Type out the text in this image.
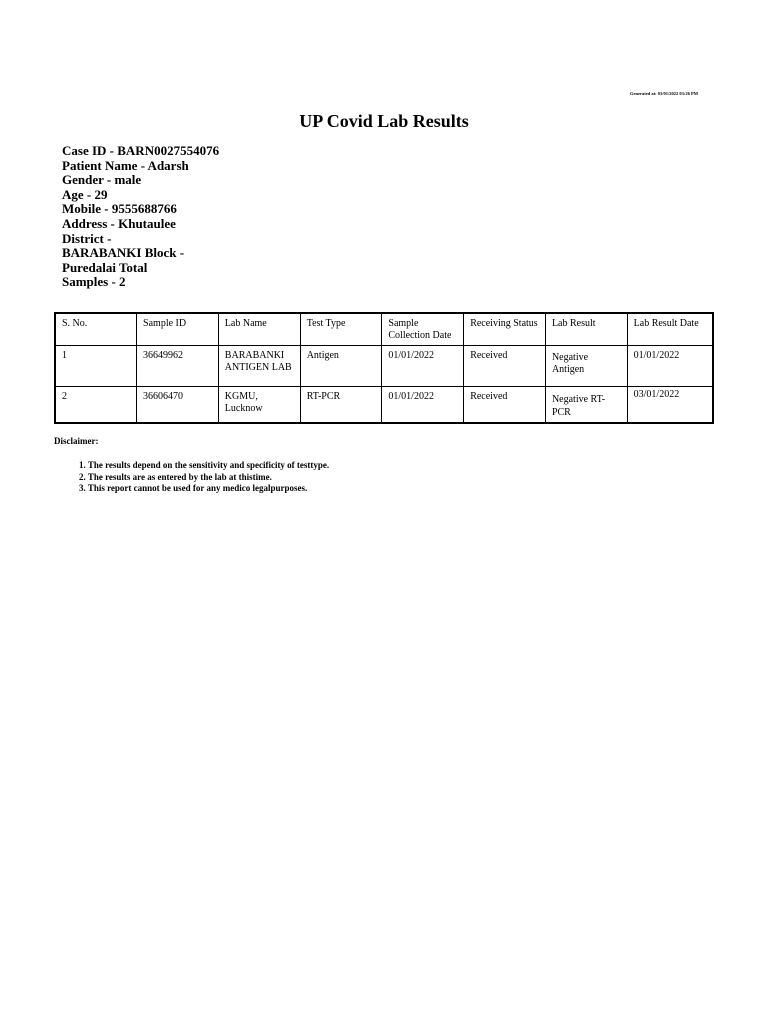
Generated at: 03/01/2022 03:26 PM
UP Covid Lab Results
Case ID - BARN0027554076
Patient Name - Adarsh
Gender - male
Age - 29
Mobile - 9555688766
Address - Khutaulee
District -
BARABANKI Block -
Puredalai Total
Samples - 2
S. No.	Sample ID	Lab Name	Test Type	Sample Collection Date	Receiving Status	Lab Result	Lab Result Date
1	36649962	BARABANKI ANTIGEN LAB	Antigen	01/01/2022	Received	Negative Antigen	01/01/2022
2	36606470	KGMU, Lucknow	RT-PCR	01/01/2022	Received	Negative RT-PCR	03/01/2022
Disclaimer:
1. The results depend on the sensitivity and specificity of testtype.
2. The results are as entered by the lab at thistime.
3. This report cannot be used for any medico legalpurposes.
